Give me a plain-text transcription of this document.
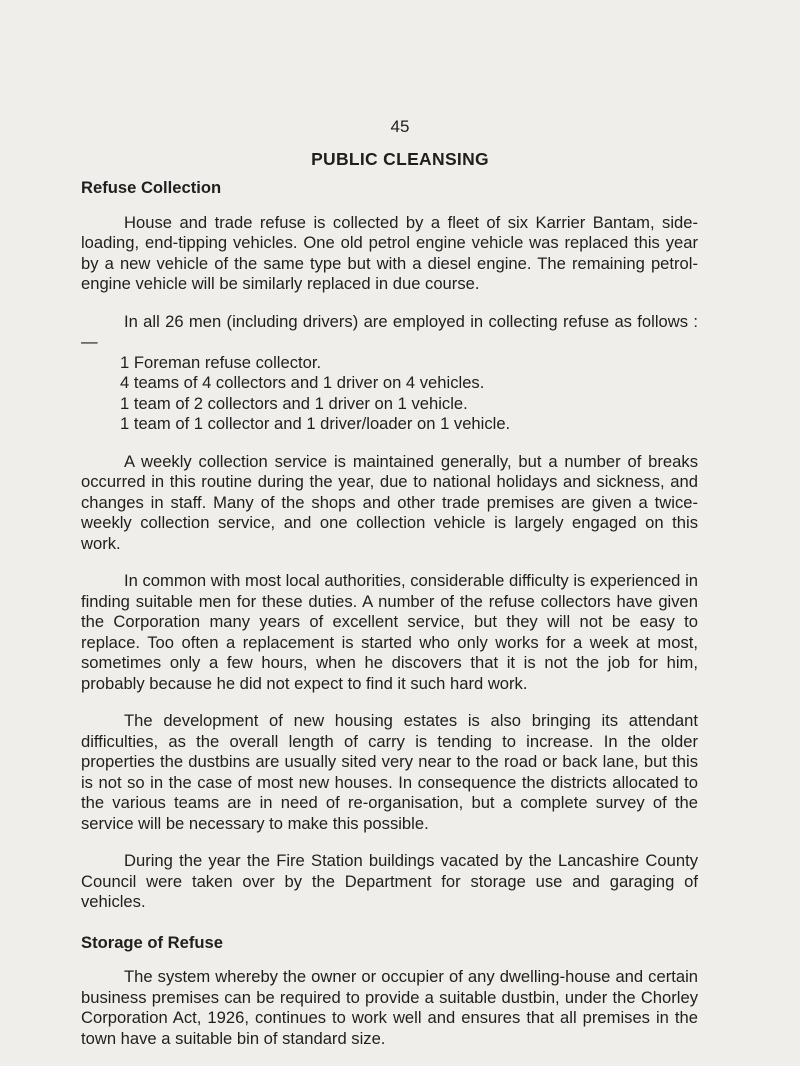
45
PUBLIC CLEANSING
Refuse Collection

House and trade refuse is collected by a fleet of six Karrier Bantam, side-loading, end-tipping vehicles. One old petrol engine vehicle was replaced this year by a new vehicle of the same type but with a diesel engine. The remaining petrol-engine vehicle will be similarly replaced in due course.

In all 26 men (including drivers) are employed in collecting refuse as follows :—

1 Foreman refuse collector.
4 teams of 4 collectors and 1 driver on 4 vehicles.
1 team of 2 collectors and 1 driver on 1 vehicle.
1 team of 1 collector and 1 driver/loader on 1 vehicle.

A weekly collection service is maintained generally, but a number of breaks occurred in this routine during the year, due to national holidays and sickness, and changes in staff. Many of the shops and other trade premises are given a twice-weekly collection service, and one collection vehicle is largely engaged on this work.

In common with most local authorities, considerable difficulty is experienced in finding suitable men for these duties. A number of the refuse collectors have given the Corporation many years of excellent service, but they will not be easy to replace. Too often a replacement is started who only works for a week at most, sometimes only a few hours, when he discovers that it is not the job for him, probably because he did not expect to find it such hard work.

The development of new housing estates is also bringing its attendant difficulties, as the overall length of carry is tending to increase. In the older properties the dustbins are usually sited very near to the road or back lane, but this is not so in the case of most new houses. In consequence the districts allocated to the various teams are in need of re-organisation, but a complete survey of the service will be necessary to make this possible.

During the year the Fire Station buildings vacated by the Lancashire County Council were taken over by the Department for storage use and garaging of vehicles.

Storage of Refuse

The system whereby the owner or occupier of any dwelling-house and certain business premises can be required to provide a suitable dustbin, under the Chorley Corporation Act, 1926, continues to work well and ensures that all premises in the town have a suitable bin of standard size.
